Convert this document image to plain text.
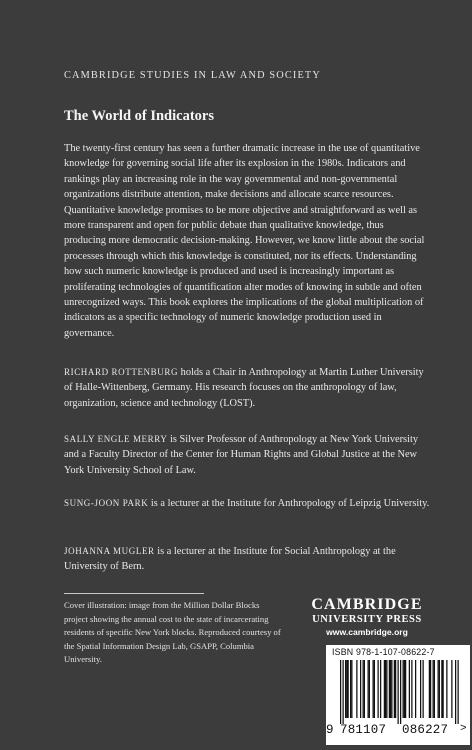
CAMBRIDGE STUDIES IN LAW AND SOCIETY
The World of Indicators

The twenty-first century has seen a further dramatic increase in the use of quantitative knowledge for governing social life after its explosion in the 1980s. Indicators and rankings play an increasing role in the way governmental and non-governmental organizations distribute attention, make decisions and allocate scarce resources. Quantitative knowledge promises to be more objective and straightforward as well as more transparent and open for public debate than qualitative knowledge, thus producing more democratic decision-making. However, we know little about the social processes through which this knowledge is constituted, nor its effects. Understanding how such numeric knowledge is produced and used is increasingly important as proliferating technologies of quantification alter modes of knowing in subtle and often unrecognized ways. This book explores the implications of the global multiplication of indicators as a specific technology of numeric knowledge production used in governance.

RICHARD ROTTENBURG holds a Chair in Anthropology at Martin Luther University of Halle-Wittenberg, Germany. His research focuses on the anthropology of law, organization, science and technology (LOST).
SALLY ENGLE MERRY is Silver Professor of Anthropology at New York University and a Faculty Director of the Center for Human Rights and Global Justice at the New York University School of Law.
SUNG-JOON PARK is a lecturer at the Institute for Anthropology of Leipzig University.
JOHANNA MUGLER is a lecturer at the Institute for Social Anthropology at the University of Bern.
Cover illustration: image from the Million Dollar Blocks project showing the annual cost to the state of incarcerating residents of specific New York blocks. Reproduced courtesy of the Spatial Information Design Lab, GSAPP, Columbia University.
CAMBRIDGE
UNIVERSITY PRESS
www.cambridge.org
ISBN 978-1-107-08622-7
9 781107 086227 >
